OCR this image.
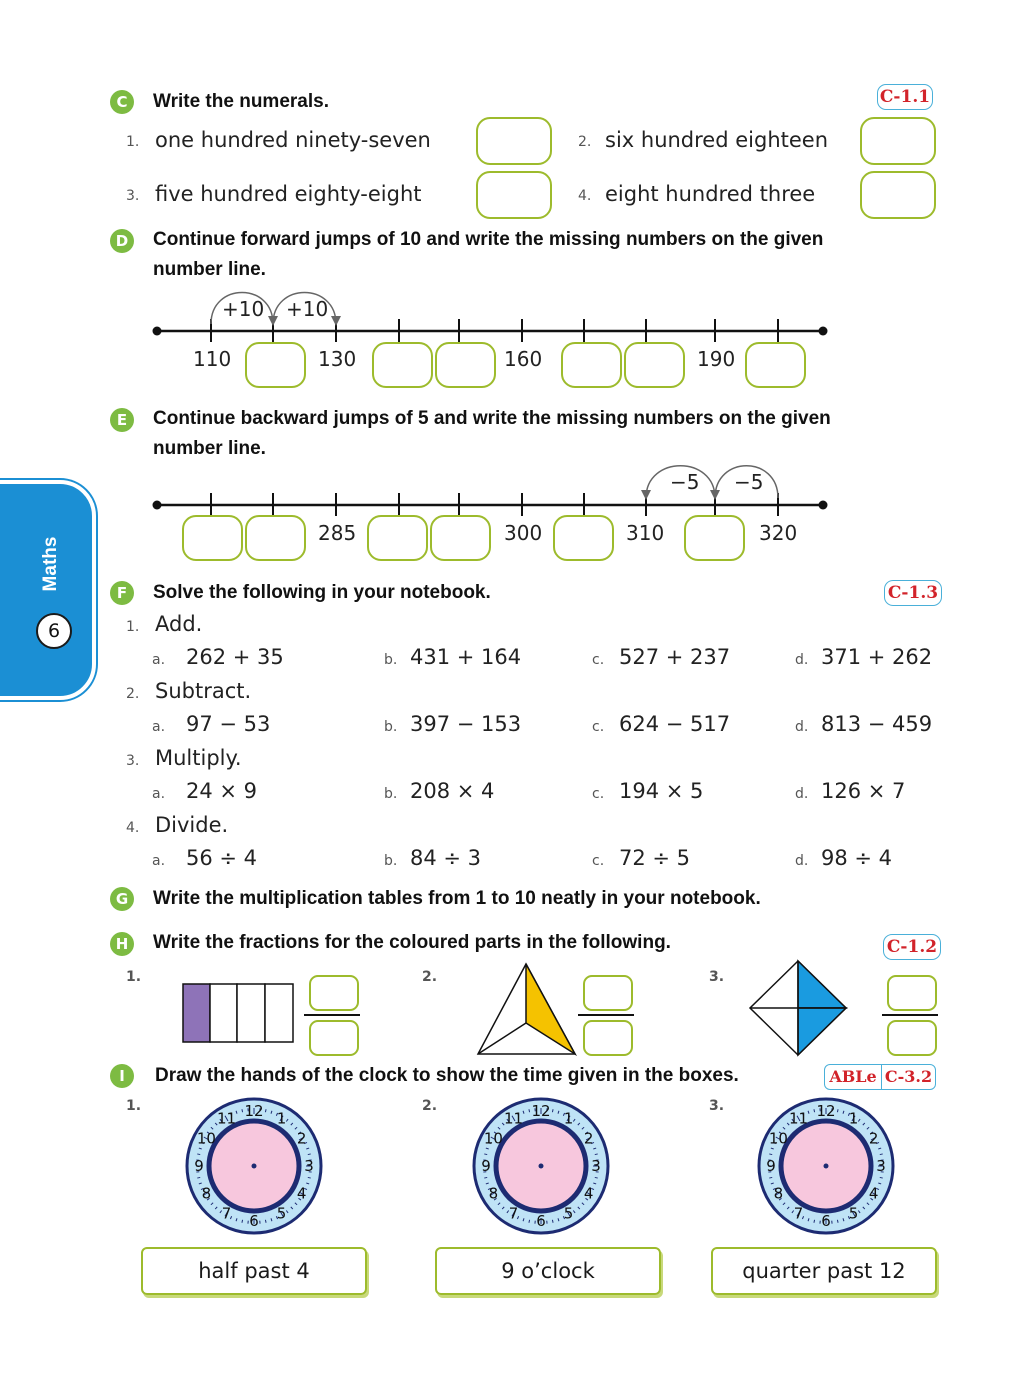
Maths
6
C	Write the numerals.	C-1.1
1. one hundred ninety-seven	2. six hundred eighteen
3. five hundred eighty-eight	4. eight hundred three
D	Continue forward jumps of 10 and write the missing numbers on the given
number line.
+10 +10
110	130	160	190
E	Continue backward jumps of 5 and write the missing numbers on the given
number line.
−5 −5
285	300	310	320
F	Solve the following in your notebook.	C-1.3
1. Add.
a. 262 + 35	b. 431 + 164	c. 527 + 237	d. 371 + 262
2. Subtract.
a. 97 − 53	b. 397 − 153	c. 624 − 517	d. 813 − 459
3. Multiply.
a. 24 × 9	b. 208 × 4	c. 194 × 5	d. 126 × 7
4. Divide.
a. 56 ÷ 4	b. 84 ÷ 3	c. 72 ÷ 5	d. 98 ÷ 4
G	Write the multiplication tables from 1 to 10 neatly in your notebook.
H	Write the fractions for the coloured parts in the following.	C-1.2
1.	2.	3.
I	Draw the hands of the clock to show the time given in the boxes.	ABLe C-3.2
1.	2.	3.
12 1
2
3
4
5
6
7
8
9
10
11	12 1
2
3
4
5
6
7
8
9
10
11	12 1
2
3
4
5
6
7
8
9
10
11
half past 4	9 o’clock	quarter past 12
